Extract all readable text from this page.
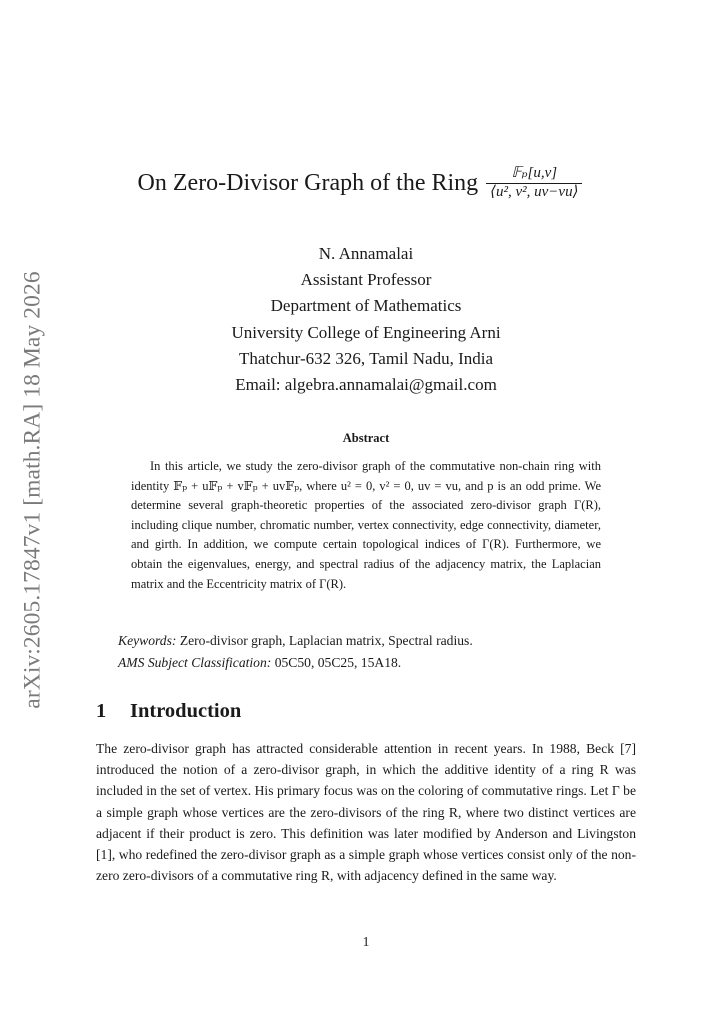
arXiv:2605.17847v1 [math.RA] 18 May 2026
On Zero-Divisor Graph of the Ring $\frac{\text{𝔽ₚ[u,v]}}{\text{⟨u², v², uv−vu⟩}}$
N. Annamalai
Assistant Professor
Department of Mathematics
University College of Engineering Arni
Thatchur-632 326, Tamil Nadu, India
Email: algebra.annamalai@gmail.com
Abstract

In this article, we study the zero-divisor graph of the commutative non-chain ring with identity 𝔽ₚ + u𝔽ₚ + v𝔽ₚ + uv𝔽ₚ, where u² = 0, v² = 0, uv = vu, and p is an odd prime. We determine several graph-theoretic properties of the associated zero-divisor graph Γ(R), including clique number, chromatic number, vertex connectivity, edge connectivity, diameter, and girth. In addition, we compute certain topological indices of Γ(R). Furthermore, we obtain the eigenvalues, energy, and spectral radius of the adjacency matrix, the Laplacian matrix and the Eccentricity matrix of Γ(R).

Keywords: Zero-divisor graph, Laplacian matrix, Spectral radius.
AMS Subject Classification: 05C50, 05C25, 15A18.
1 Introduction

The zero-divisor graph has attracted considerable attention in recent years. In 1988, Beck [7] introduced the notion of a zero-divisor graph, in which the additive identity of a ring R was included in the set of vertex. His primary focus was on the coloring of commutative rings. Let Γ be a simple graph whose vertices are the zero-divisors of the ring R, where two distinct vertices are adjacent if their product is zero. This definition was later modified by Anderson and Livingston [1], who redefined the zero-divisor graph as a simple graph whose vertices consist only of the non-zero zero-divisors of a commutative ring R, with adjacency defined in the same way.

1
